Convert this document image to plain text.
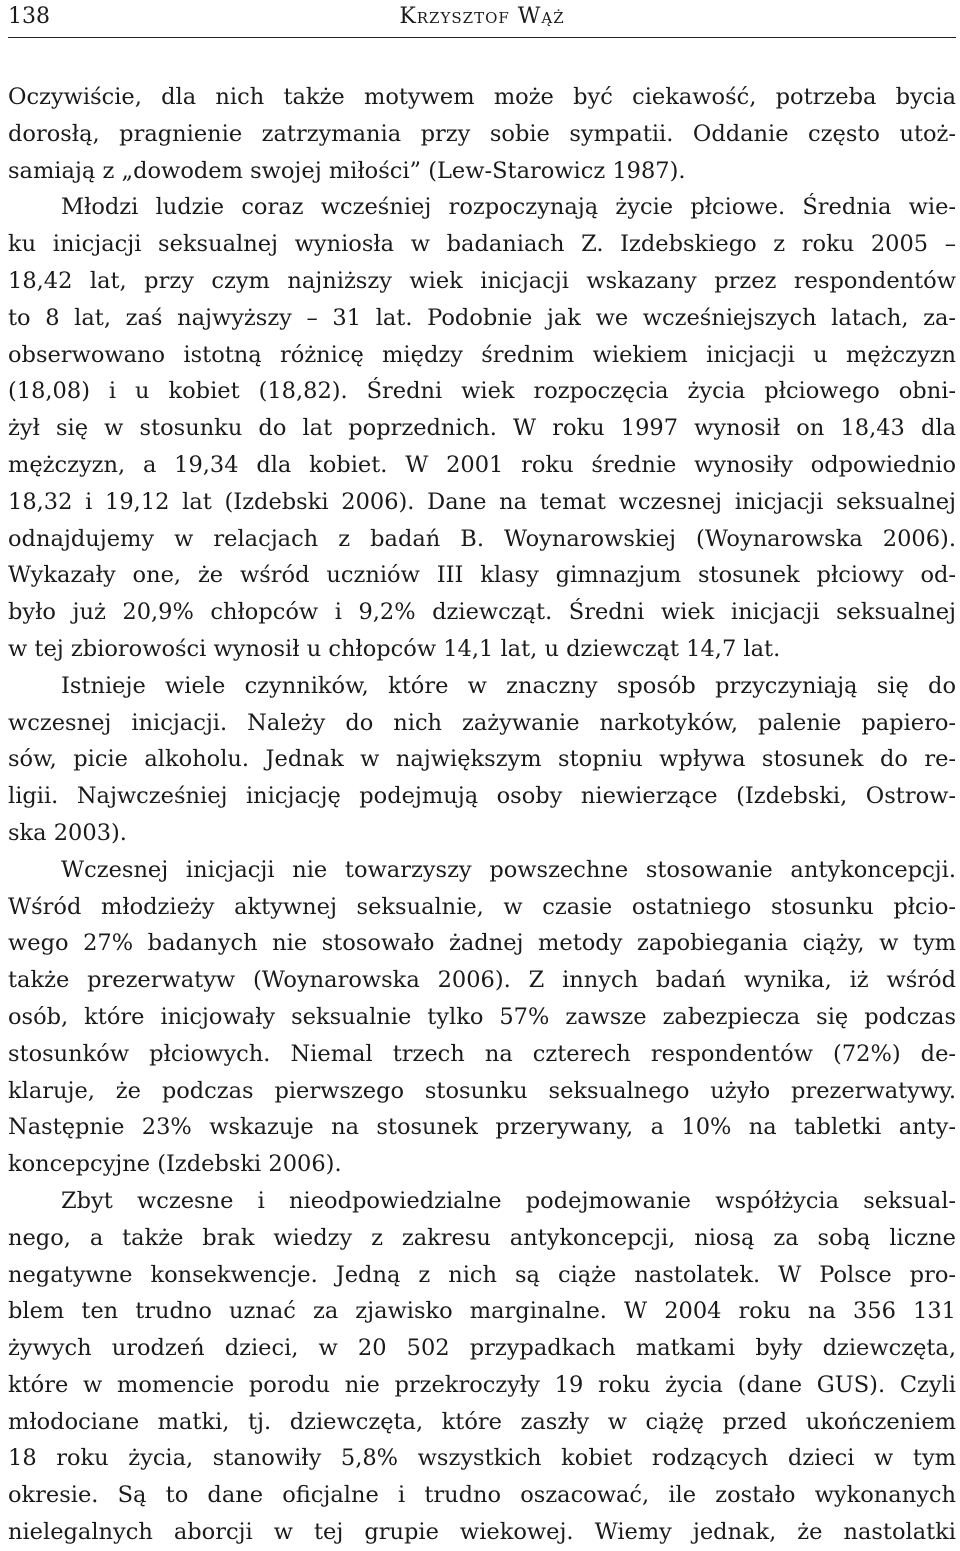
138	Krzysztof Wąż
Oczywiście, dla nich także motywem może być ciekawość, potrzeba bycia
dorosłą, pragnienie zatrzymania przy sobie sympatii. Oddanie często utoż-
samiają z „dowodem swojej miłości” (Lew-Starowicz 1987).
Młodzi ludzie coraz wcześniej rozpoczynają życie płciowe. Średnia wie-
ku inicjacji seksualnej wyniosła w badaniach Z. Izdebskiego z roku 2005 –
18,42 lat, przy czym najniższy wiek inicjacji wskazany przez respondentów
to 8 lat, zaś najwyższy – 31 lat. Podobnie jak we wcześniejszych latach, za-
obserwowano istotną różnicę między średnim wiekiem inicjacji u mężczyzn
(18,08) i u kobiet (18,82). Średni wiek rozpoczęcia życia płciowego obni-
żył się w stosunku do lat poprzednich. W roku 1997 wynosił on 18,43 dla
mężczyzn, a 19,34 dla kobiet. W 2001 roku średnie wynosiły odpowiednio
18,32 i 19,12 lat (Izdebski 2006). Dane na temat wczesnej inicjacji seksualnej
odnajdujemy w relacjach z badań B. Woynarowskiej (Woynarowska 2006).
Wykazały one, że wśród uczniów III klasy gimnazjum stosunek płciowy od-
było już 20,9% chłopców i 9,2% dziewcząt. Średni wiek inicjacji seksualnej
w tej zbiorowości wynosił u chłopców 14,1 lat, u dziewcząt 14,7 lat.
Istnieje wiele czynników, które w znaczny sposób przyczyniają się do
wczesnej inicjacji. Należy do nich zażywanie narkotyków, palenie papiero-
sów, picie alkoholu. Jednak w największym stopniu wpływa stosunek do re-
ligii. Najwcześniej inicjację podejmują osoby niewierzące (Izdebski, Ostrow-
ska 2003).
Wczesnej inicjacji nie towarzyszy powszechne stosowanie antykoncepcji.
Wśród młodzieży aktywnej seksualnie, w czasie ostatniego stosunku płcio-
wego 27% badanych nie stosowało żadnej metody zapobiegania ciąży, w tym
także prezerwatyw (Woynarowska 2006). Z innych badań wynika, iż wśród
osób, które inicjowały seksualnie tylko 57% zawsze zabezpiecza się podczas
stosunków płciowych. Niemal trzech na czterech respondentów (72%) de-
klaruje, że podczas pierwszego stosunku seksualnego użyło prezerwatywy.
Następnie 23% wskazuje na stosunek przerywany, a 10% na tabletki anty-
koncepcyjne (Izdebski 2006).
Zbyt wczesne i nieodpowiedzialne podejmowanie współżycia seksual-
nego, a także brak wiedzy z zakresu antykoncepcji, niosą za sobą liczne
negatywne konsekwencje. Jedną z nich są ciąże nastolatek. W Polsce pro-
blem ten trudno uznać za zjawisko marginalne. W 2004 roku na 356 131
żywych urodzeń dzieci, w 20 502 przypadkach matkami były dziewczęta,
które w momencie porodu nie przekroczyły 19 roku życia (dane GUS). Czyli
młodociane matki, tj. dziewczęta, które zaszły w ciążę przed ukończeniem
18 roku życia, stanowiły 5,8% wszystkich kobiet rodzących dzieci w tym
okresie. Są to dane oficjalne i trudno oszacować, ile zostało wykonanych
nielegalnych aborcji w tej grupie wiekowej. Wiemy jednak, że nastolatki
